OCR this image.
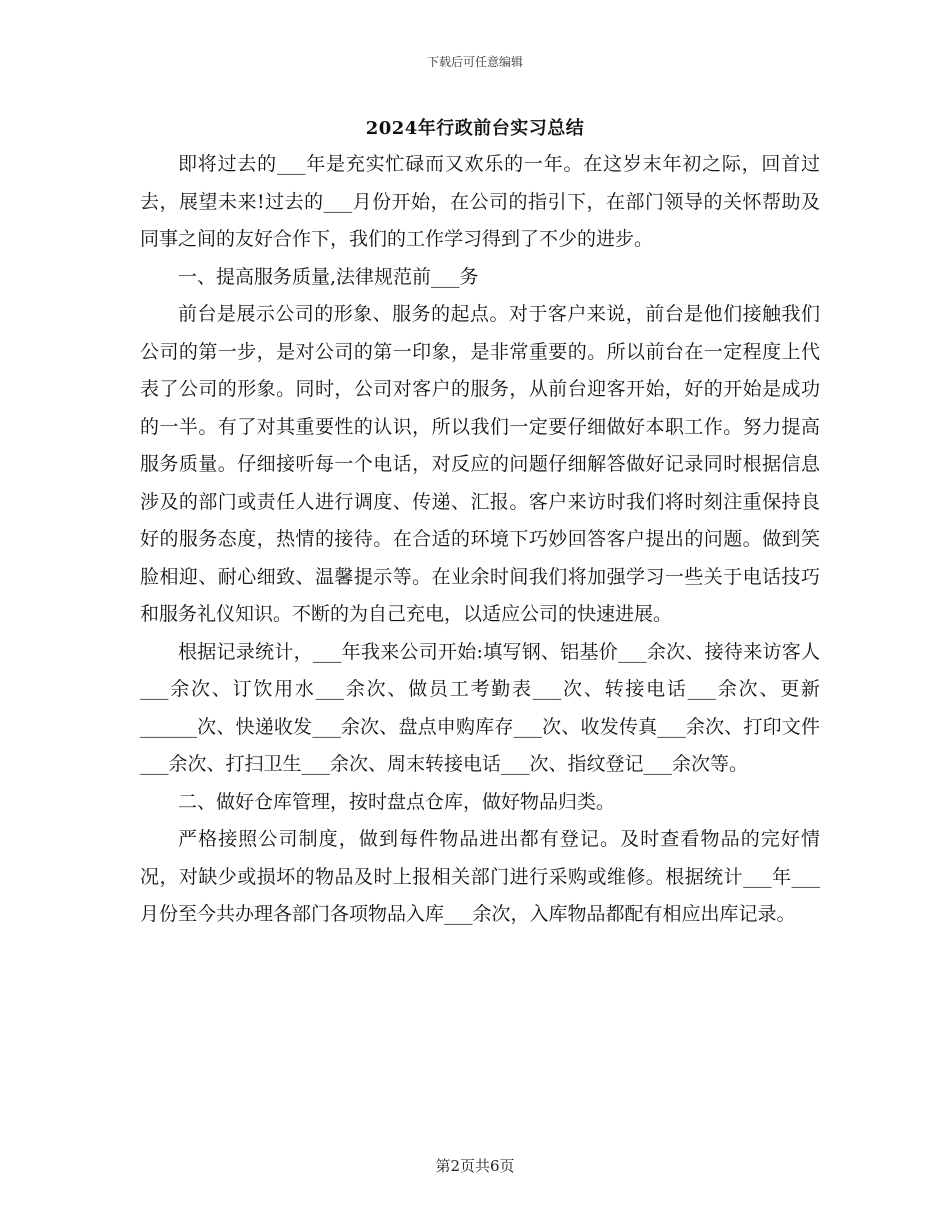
下载后可任意编辑
2024年行政前台实习总结

即将过去的___年是充实忙碌而又欢乐的一年。在这岁末年初之际，回首过去，展望未来!过去的___月份开始，在公司的指引下，在部门领导的关怀帮助及同事之间的友好合作下，我们的工作学习得到了不少的进步。

一、提高服务质量,法律规范前___务

前台是展示公司的形象、服务的起点。对于客户来说，前台是他们接触我们公司的第一步，是对公司的第一印象，是非常重要的。所以前台在一定程度上代表了公司的形象。同时，公司对客户的服务，从前台迎客开始，好的开始是成功的一半。有了对其重要性的认识，所以我们一定要仔细做好本职工作。努力提高服务质量。仔细接听每一个电话，对反应的问题仔细解答做好记录同时根据信息涉及的部门或责任人进行调度、传递、汇报。客户来访时我们将时刻注重保持良好的服务态度，热情的接待。在合适的环境下巧妙回答客户提出的问题。做到笑脸相迎、耐心细致、温馨提示等。在业余时间我们将加强学习一些关于电话技巧和服务礼仪知识。不断的为自己充电，以适应公司的快速进展。

根据记录统计，___年我来公司开始:填写钢、铝基价___余次、接待来访客人___余次、订饮用水___余次、做员工考勤表___次、转接电话___余次、更新______次、快递收发___余次、盘点申购库存___次、收发传真___余次、打印文件___余次、打扫卫生___余次、周末转接电话___次、指纹登记___余次等。

二、做好仓库管理，按时盘点仓库，做好物品归类。

严格接照公司制度，做到每件物品进出都有登记。及时查看物品的完好情况，对缺少或损坏的物品及时上报相关部门进行采购或维修。根据统计___年___月份至今共办理各部门各项物品入库___余次，入库物品都配有相应出库记录。

第2页共6页
